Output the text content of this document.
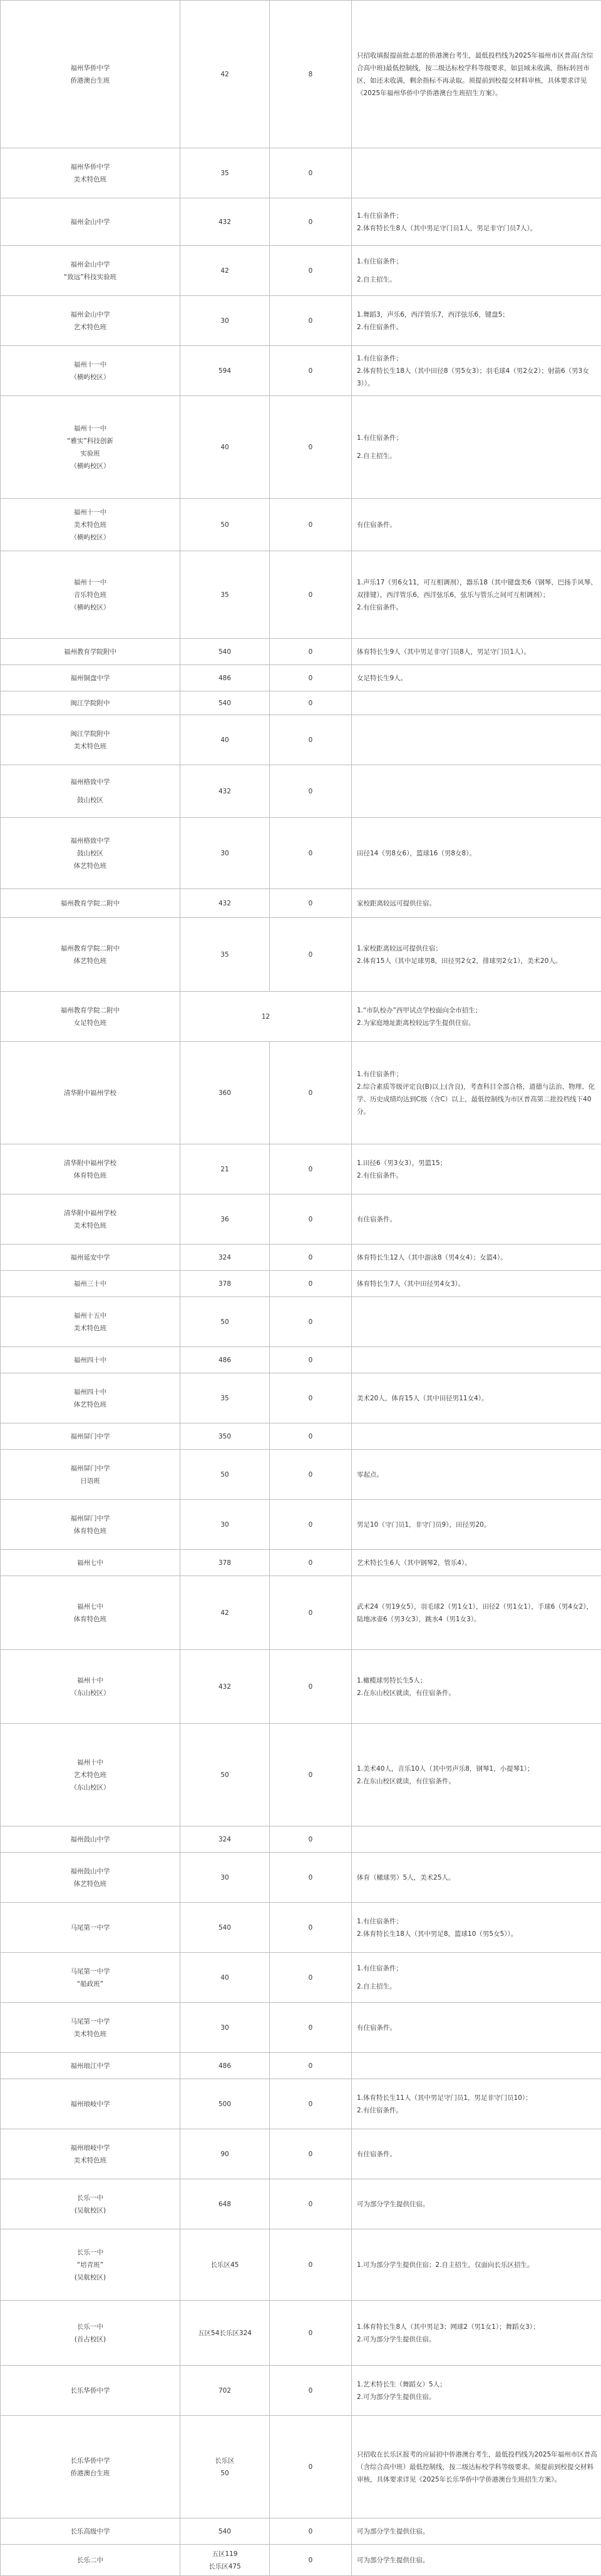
福州华侨中学
侨港澳台生班	42	8	只招收填报提前批志愿的侨港澳台考生，最低投档线为2025年福州市区普高(含综合高中班)最低控制线，按二级达标校学科等级要求，如县域未收满，指标转回市区，如还未收满，剩余指标不再录取。须提前到校提交材料审核，具体要求详见《2025年福州华侨中学侨港澳台生班招生方案》。

福州华侨中学
美术特色班	35	0	

福州金山中学	432	0	1.有住宿条件；
2.体育特长生8人（其中男足守门员1人，男足非守门员7人）。

福州金山中学
“致远”科技实验班	42	0	1.有住宿条件；
2.自主招生。

福州金山中学
艺术特色班	30	0	1.舞蹈3，声乐6，西洋管乐7，西洋弦乐6，键盘5；
2.有住宿条件。

福州十一中
（横屿校区）	594	0	1.有住宿条件；
2.体育特长生18人（其中田径8（男5女3）；羽毛球4（男2女2）；射箭6（男3女3））。

福州十一中
“雅实”科技创新
实验班
（横屿校区）	40	0	1.有住宿条件；
2.自主招生。

福州十一中
美术特色班
（横屿校区）	50	0	有住宿条件。

福州十一中
音乐特色班
（横屿校区）	35	0	1.声乐17（男6女11，可互相调剂），器乐18（其中键盘类6（钢琴、巴扬手风琴、双排键），西洋管乐6，西洋弦乐6，弦乐与管乐之间可互相调剂）；
2.有住宿条件。

福州教育学院附中	540	0	体育特长生9人（其中男足非守门员8人，男足守门员1人）。

福州铜盘中学	486	0	女足特长生9人。

闽江学院附中	540	0	

闽江学院附中
美术特色班	40	0	

福州格致中学
鼓山校区	432	0	

福州格致中学
鼓山校区
体艺特色班	30	0	田径14（男8女6），篮球16（男8女8）。

福州教育学院二附中	432	0	家校距离较远可提供住宿。

福州教育学院二附中
体艺特色班	35	0	1.家校距离较远可提供住宿；
2.体育15人（其中足球男8，田径男2女2，排球男2女1），美术20人。

福州教育学院二附中
女足特色班	12		1.“市队校办”西甲试点学校面向全市招生；
2.为家庭地址距离校较远学生提供住宿。

清华附中福州学校	360	0	1.有住宿条件；
2.综合素质等级评定良(B)以上(含良)，考查科目全部合格，道德与法治、物理、化学、历史成绩均达到C级（含C）以上，最低控制线为市区普高第二批投档线下40分。

清华附中福州学校
体育特色班	21	0	1.田径6（男3女3），男篮15；
2.有住宿条件。

清华附中福州学校
美术特色班	36	0	有住宿条件。

福州延安中学	324	0	体育特长生12人（其中游泳8（男4女4）；女篮4）。

福州三十中	378	0	体育特长生7人（其中田径男4女3）。

福州十五中
美术特色班	50	0	

福州四十中	486	0	

福州四十中
体艺特色班	35	0	美术20人，体育15人（其中田径男11女4）。

福州屏门中学	350	0	

福州屏门中学
日语班	50	0	零起点。

福州屏门中学
体育特色班	30	0	男足10（守门员1，非守门员9），田径男20。

福州七中	378	0	艺术特长生6人（其中钢琴2，管乐4）。

福州七中
体育特色班	42	0	武术24（男19女5），羽毛球2（男1女1），田径2（男1女1），手球6（男4女2），陆地冰壶6（男3女3），跳水4（男1女3）。

福州十中
（东山校区）	432	0	1.橄榄球男特长生5人；
2.在东山校区就读，有住宿条件。

福州十中
艺术特色班
（东山校区）	50	0	1.美术40人，音乐10人（其中男声乐8，钢琴1，小提琴1）；
2.在东山校区就读，有住宿条件。

福州鼓山中学	324	0	

福州鼓山中学
体艺特色班	30	0	体育（橄球男）5人，美术25人。

马尾第一中学	540	0	1.有住宿条件；
2.体育特长生18人（其中男足8，篮球10（男5女5））。

马尾第一中学
“船政班”	40	0	1.有住宿条件；
2.自主招生。

马尾第一中学
美术特色班	30	0	有住宿条件。

福州琅江中学	486	0	

福州琅岐中学	500	0	1.体育特长生11人（其中男足守门员1，男足非守门员10）；
2.有住宿条件。

福州琅岐中学
美术特色班	90	0	有住宿条件。

长乐一中
(吴航校区)	648	0	可为部分学生提供住宿。

长乐一中
“培青班”
(吴航校区)	长乐区45	0	1.可为部分学生提供住宿；2.自主招生，仅面向长乐区招生。

长乐一中
(首占校区)	五区54长乐区324	0	1.体育特长生8人（其中男足3；网球2（男1女1）；舞蹈女3）；
2.可为部分学生提供住宿。

长乐华侨中学	702	0	1.艺术特长生（舞蹈女）5人；
2.可为部分学生提供住宿。

长乐华侨中学
侨港澳台生班	长乐区
50	0	只招收在长乐区报考的应届初中侨港澳台考生，最低投档线为2025年福州市区普高（含综合高中班）最低控制线，按二级达标校学科等级要求。须提前到校提交材料审核，具体要求详见《2025年长乐华侨中学侨港澳台生班招生方案》。

长乐高级中学	540	0	可为部分学生提供住宿。

长乐二中	五区119
长乐区475	0	可为部分学生提供住宿。
